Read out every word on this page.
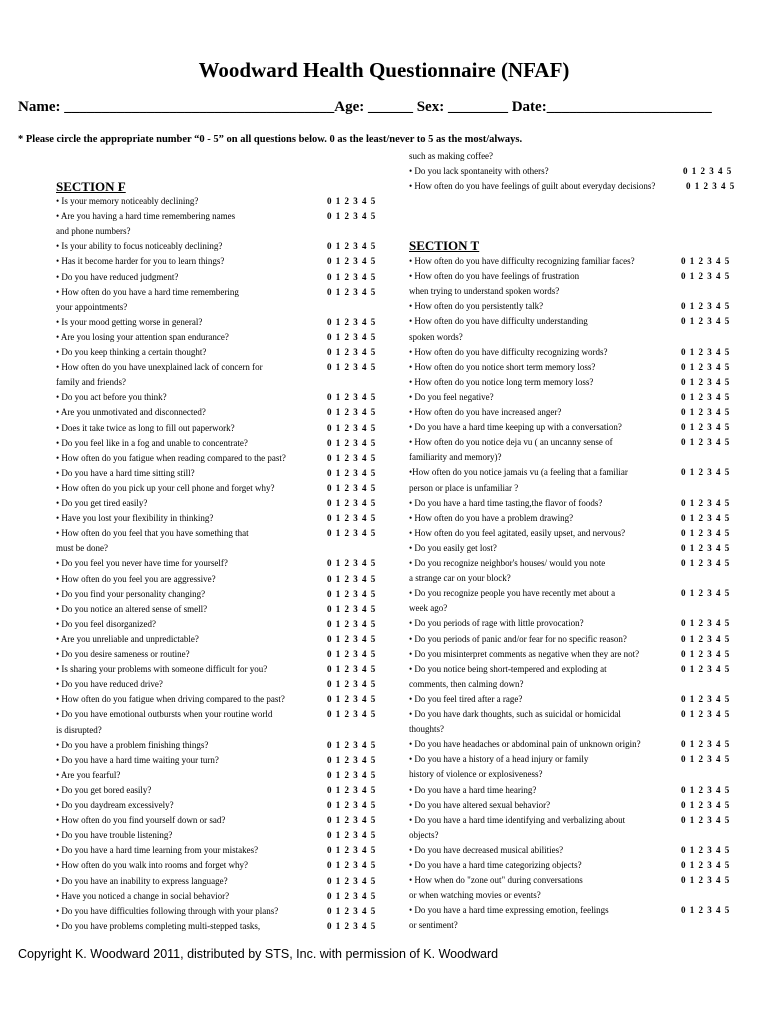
Woodward Health Questionnaire (NFAF)
Name: ____________________________________Age: ______ Sex: ________ Date:______________________
* Please circle the appropriate number “0 - 5” on all questions below. 0 as the least/never to 5 as the most/always.
SECTION F
• Is your memory noticeably declining?	0 1 2 3 4 5
• Are you having a hard time remembering names	0 1 2 3 4 5
and phone numbers?
• Is your ability to focus noticeably declining?	0 1 2 3 4 5
• Has it become harder for you to learn things?	0 1 2 3 4 5
• Do you have reduced judgment?	0 1 2 3 4 5
• How often do you have a hard time remembering	0 1 2 3 4 5
your appointments?
• Is your mood getting worse in general?	0 1 2 3 4 5
• Are you losing your attention span endurance?	0 1 2 3 4 5
• Do you keep thinking a certain thought?	0 1 2 3 4 5
• How often do you have unexplained lack of concern for	0 1 2 3 4 5
family and friends?
• Do you act before you think?	0 1 2 3 4 5
• Are you unmotivated and disconnected?	0 1 2 3 4 5
• Does it take twice as long to fill out paperwork?	0 1 2 3 4 5
• Do you feel like in a fog and unable to concentrate?	0 1 2 3 4 5
• How often do you fatigue when reading compared to the past?	0 1 2 3 4 5
• Do you have a hard time sitting still?	0 1 2 3 4 5
• How often do you pick up your cell phone and forget why?	0 1 2 3 4 5
• Do you get tired easily?	0 1 2 3 4 5
• Have you lost your flexibility in thinking?	0 1 2 3 4 5
• How often do you feel that you have something that	0 1 2 3 4 5
must be done?
• Do you feel you never have time for yourself?	0 1 2 3 4 5
• How often do you feel you are aggressive?	0 1 2 3 4 5
• Do you find your personality changing?	0 1 2 3 4 5
• Do you notice an altered sense of smell?	0 1 2 3 4 5
• Do you feel disorganized?	0 1 2 3 4 5
• Are you unreliable and unpredictable?	0 1 2 3 4 5
• Do you desire sameness or routine?	0 1 2 3 4 5
• Is sharing your problems with someone difficult for you?	0 1 2 3 4 5
• Do you have reduced drive?	0 1 2 3 4 5
• How often do you fatigue when driving compared to the past?	0 1 2 3 4 5
• Do you have emotional outbursts when your routine world	0 1 2 3 4 5
is disrupted?
• Do you have a problem finishing things?	0 1 2 3 4 5
• Do you have a hard time waiting your turn?	0 1 2 3 4 5
• Are you fearful?	0 1 2 3 4 5
• Do you get bored easily?	0 1 2 3 4 5
• Do you daydream excessively?	0 1 2 3 4 5
• How often do you find yourself down or sad?	0 1 2 3 4 5
• Do you have trouble listening?	0 1 2 3 4 5
• Do you have a hard time learning from your mistakes?	0 1 2 3 4 5
• How often do you walk into rooms and forget why?	0 1 2 3 4 5
• Do you have an inability to express language?	0 1 2 3 4 5
• Have you noticed a change in social behavior?	0 1 2 3 4 5
• Do you have difficulties following through with your plans?	0 1 2 3 4 5
• Do you have problems completing multi-stepped tasks,	0 1 2 3 4 5
such as making coffee?
• Do you lack spontaneity with others?	0 1 2 3 4 5
• How often do you have feelings of guilt about everyday decisions?	0 1 2 3 4 5
SECTION T
• How often do you have difficulty recognizing familiar faces?	0 1 2 3 4 5
• How often do you have feelings of frustration	0 1 2 3 4 5
when trying to understand spoken words?
• How often do you persistently talk?	0 1 2 3 4 5
• How often do you have difficulty understanding	0 1 2 3 4 5
spoken words?
• How often do you have difficulty recognizing words?	0 1 2 3 4 5
• How often do you notice short term memory loss?	0 1 2 3 4 5
• How often do you notice long term memory loss?	0 1 2 3 4 5
• Do you feel negative?	0 1 2 3 4 5
• How often do you have increased anger?	0 1 2 3 4 5
• Do you have a hard time keeping up with a conversation?	0 1 2 3 4 5
• How often do you notice deja vu ( an uncanny sense of	0 1 2 3 4 5
familiarity and memory)?
•How often do you notice jamais vu (a feeling that a familiar	0 1 2 3 4 5
person or place is unfamiliar ?
• Do you have a hard time tasting,the flavor of foods?	0 1 2 3 4 5
• How often do you have a problem drawing?	0 1 2 3 4 5
• How often do you feel agitated, easily upset, and nervous?	0 1 2 3 4 5
• Do you easily get lost?	0 1 2 3 4 5
• Do you recognize neighbor's houses/ would you note	0 1 2 3 4 5
a strange car on your block?
• Do you recognize people you have recently met about a	0 1 2 3 4 5
week ago?
• Do you periods of rage with little provocation?	0 1 2 3 4 5
• Do you periods of panic and/or fear for no specific reason?	0 1 2 3 4 5
• Do you misinterpret comments as negative when they are not?	0 1 2 3 4 5
• Do you notice being short-tempered and exploding at	0 1 2 3 4 5
comments, then calming down?
• Do you feel tired after a rage?	0 1 2 3 4 5
• Do you have dark thoughts, such as suicidal or homicidal	0 1 2 3 4 5
thoughts?
• Do you have headaches or abdominal pain of unknown origin?	0 1 2 3 4 5
• Do you have a history of a head injury or family	0 1 2 3 4 5
history of violence or explosiveness?
• Do you have a hard time hearing?	0 1 2 3 4 5
• Do you have altered sexual behavior?	0 1 2 3 4 5
• Do you have a hard time identifying and verbalizing about	0 1 2 3 4 5
objects?
• Do you have decreased musical abilities?	0 1 2 3 4 5
• Do you have a hard time categorizing objects?	0 1 2 3 4 5
• How when do "zone out" during conversations	0 1 2 3 4 5
or when watching movies or events?
• Do you have a hard time expressing emotion, feelings	0 1 2 3 4 5
or sentiment?
Copyright K. Woodward 2011, distributed by STS, Inc. with permission of K. Woodward
